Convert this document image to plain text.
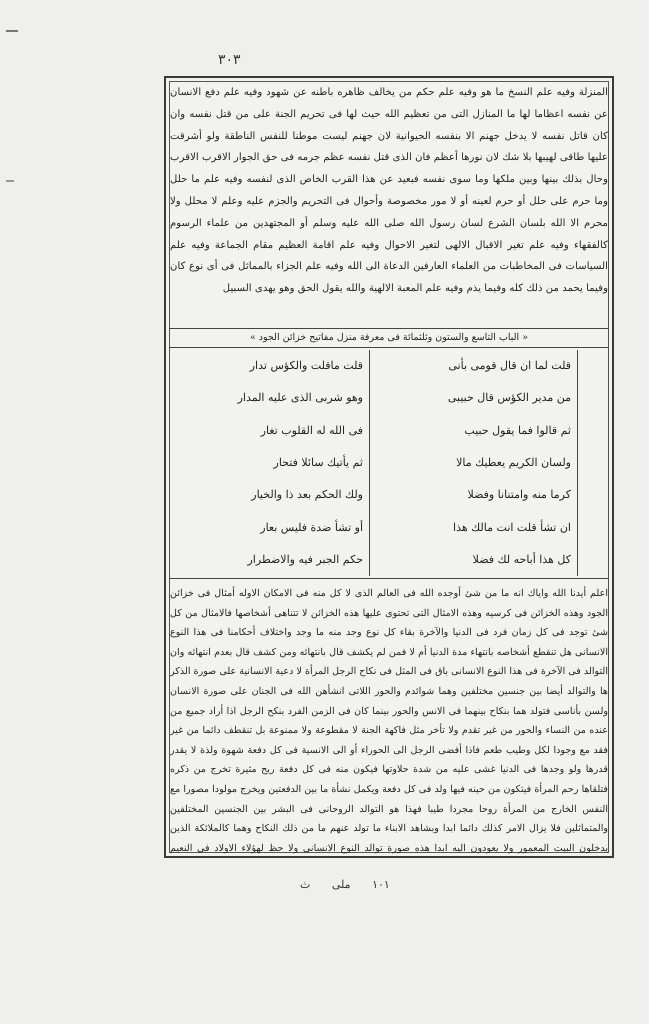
٣٠٣

المنزلة وفيه علم النسخ ما هو وفيه علم حكم من يخالف ظاهره باطنه عن شهود وفيه علم دفع الانسان عن نفسه اعظاما لها ما المنازل التى من تعظيم الله حيث لها فى تحريم الجنة على من قتل نفسه وان كان قاتل نفسه لا يدخل جهنم الا بنفسه الحيوانية لان جهنم ليست موطنا للنفس الناطقة ولو أشرقت عليها طاقى لهيبها بلا شك لان نورها أعظم فان الذى قتل نفسه عظم جرمه فى حق الجوار الاقرب الاقرب وحال بذلك بينها وبين ملكها وما سوى نفسه فبعيد عن هذا القرب الخاص الذى لنفسه وفيه علم ما حلل وما حرم على حلل أو حرم لعينه أو لا مور مخصوصة وأحوال فى التحريم والجزم عليه وعلم لا محلل ولا محرم الا الله بلسان الشرع لسان رسول الله صلى الله عليه وسلم أو المجتهدين من علماء الرسوم كالفقهاء وفيه علم تغير الاقبال الالهى لتغير الاحوال وفيه علم اقامة العظيم مقام الجماعة وفيه علم السياسات فى المخاطبات من العلماء العارفين الدعاة الى الله وفيه علم الجزاء بالمماثل فى أى نوع كان وفيما يحمد من ذلك كله وفيما يذم وفيه علم المعبة الالهية والله يقول الحق وهو يهدى السبيل

« الباب التاسع والستون وثلثمائة فى معرفة منزل مفاتيح خزائن الجود »
قلت لما ان قال قومى بأنى
من مدير الكؤس قال حبيبى
ثم قالوا فما يقول حبيب
ولسان الكريم يعطيك مالا
كرما منه وامتنانا وفضلا
ان تشأ قلت انت مالك هذا
كل هذا أباحه لك فضلا
قلت ماقلت والكؤس تدار
وهو شربى الذى عليه المدار
فى الله له القلوب تغار
ثم يأتيك سائلا فتحار
ولك الحكم بعد ذا والخيار
أو تشأ ضدة فليس بعار
حكم الجبر فيه والاضطرار

اعلم أيدنا الله واياك انه ما من شئ أوجده الله فى العالم الذى لا كل منه فى الامكان الاوله أمثال فى خزائن الجود وهذه الخزائن فى كرسيه وهذه الامثال التى تحتوى عليها هذه الخزائن لا تتناهى أشخاصها فالامثال من كل شئ توجد فى كل زمان فرد فى الدنيا والآخرة بقاء كل نوع وجد منه ما وجد واختلاف أحكامنا فى هذا النوع الانسانى هل تنقطع أشخاصه بانتهاء مدة الدنيا أم لا فمن لم يكشف قال بانتهائه ومن كشف قال بعدم انتهائه وان التوالد فى الآخرة فى هذا النوع الانسانى باق فى المثل فى نكاح الرجل المرأة لا دعية الانسانية على صورة الذكر ها والتوالد أيضا بين جنسين مختلفين وهما شوائدم والحور اللاتى انشأهن الله فى الجنان على صورة الانسان ولسن بأناسى فتولد هما بنكاح بينهما فى الانس والحور بينما كان فى الزمن الفرد بنكح الرجل اذا أراد جميع من عنده من النساء والحور من غير تقدم ولا تأخر مثل فاكهة الجنة لا مقطوعة ولا ممنوعة بل تنقطف دائما من غير فقد مع وجودا لكل وطيب طعم فاذا أفضى الرجل الى الحوراء أو الى الانسية فى كل دفعة شهوة ولذة لا يقدر قدرها ولو وجدها فى الدنيا غشى عليه من شدة حلاوتها فيكون منه فى كل دفعة ريح مثيرة تخرج من ذكره فتلقاها رحم المرأة فيتكون من حينه فيها ولد فى كل دفعة ويكمل نشأة ما بين الدفعتين ويخرج مولودا مصورا مع النفس الخارج من المرأة روحا مجردا طيبا فهذا هو التوالد الروحانى فى البشر بين الجنسين المختلفين والمتماثلين فلا يزال الامر كذلك دائما ابدا وبشاهد الابناء ما تولد عنهم ما من ذلك النكاح وهما كالملائكة الذين يدخلون البيت المعمور ولا يعودون اليه ابدا هذه صورة توالد النوع الانسانى ولا حظ لهؤلاء الاولاد فى النعيم

١٠١ ملى ث
